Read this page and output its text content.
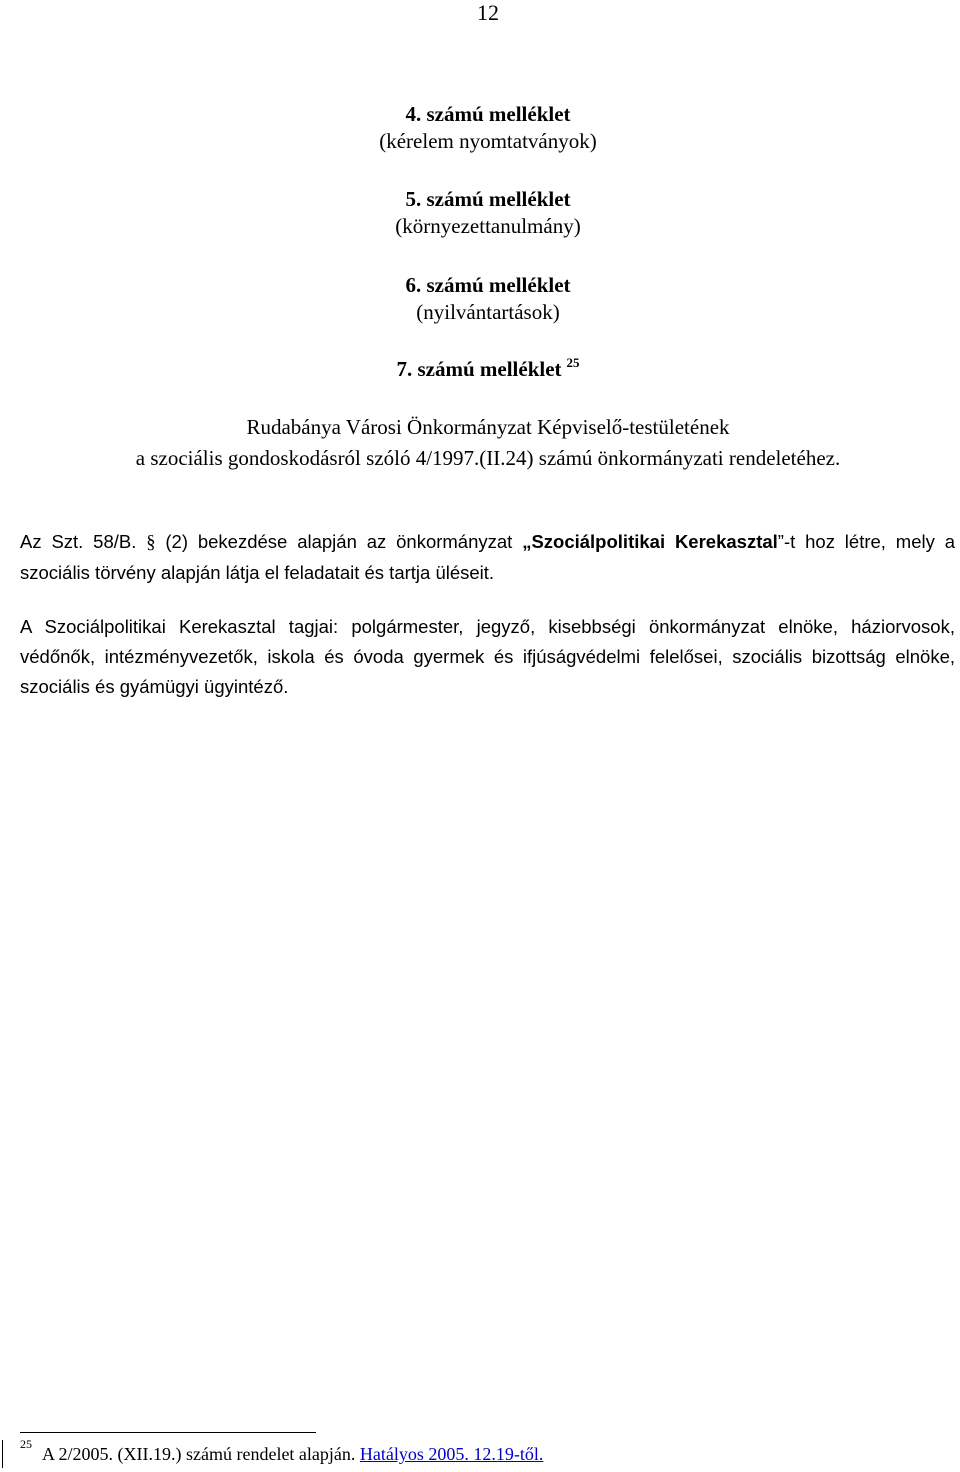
12
4. számú melléklet
(kérelem nyomtatványok)
5. számú melléklet
(környezettanulmány)
6. számú melléklet
(nyilvántartások)
7. számú melléklet $^{25}$
Rudabánya Városi Önkormányzat Képviselő-testületének
a szociális gondoskodásról szóló 4/1997.(II.24) számú önkormányzati rendeletéhez.
Az Szt. 58/B. § (2) bekezdése alapján az önkormányzat „Szociálpolitikai Kerekasztal”-t hoz létre, mely a szociális törvény alapján látja el feladatait és tartja üléseit.
A Szociálpolitikai Kerekasztal tagjai: polgármester, jegyző, kisebbségi önkormányzat elnöke, háziorvosok, védőnők, intézményvezetők, iskola és óvoda gyermek és ifjúságvédelmi felelősei, szociális bizottság elnöke, szociális és gyámügyi ügyintéző.
$^{25}$ A 2/2005. (XII.19.) számú rendelet alapján. Hatályos 2005. 12.19-től.
